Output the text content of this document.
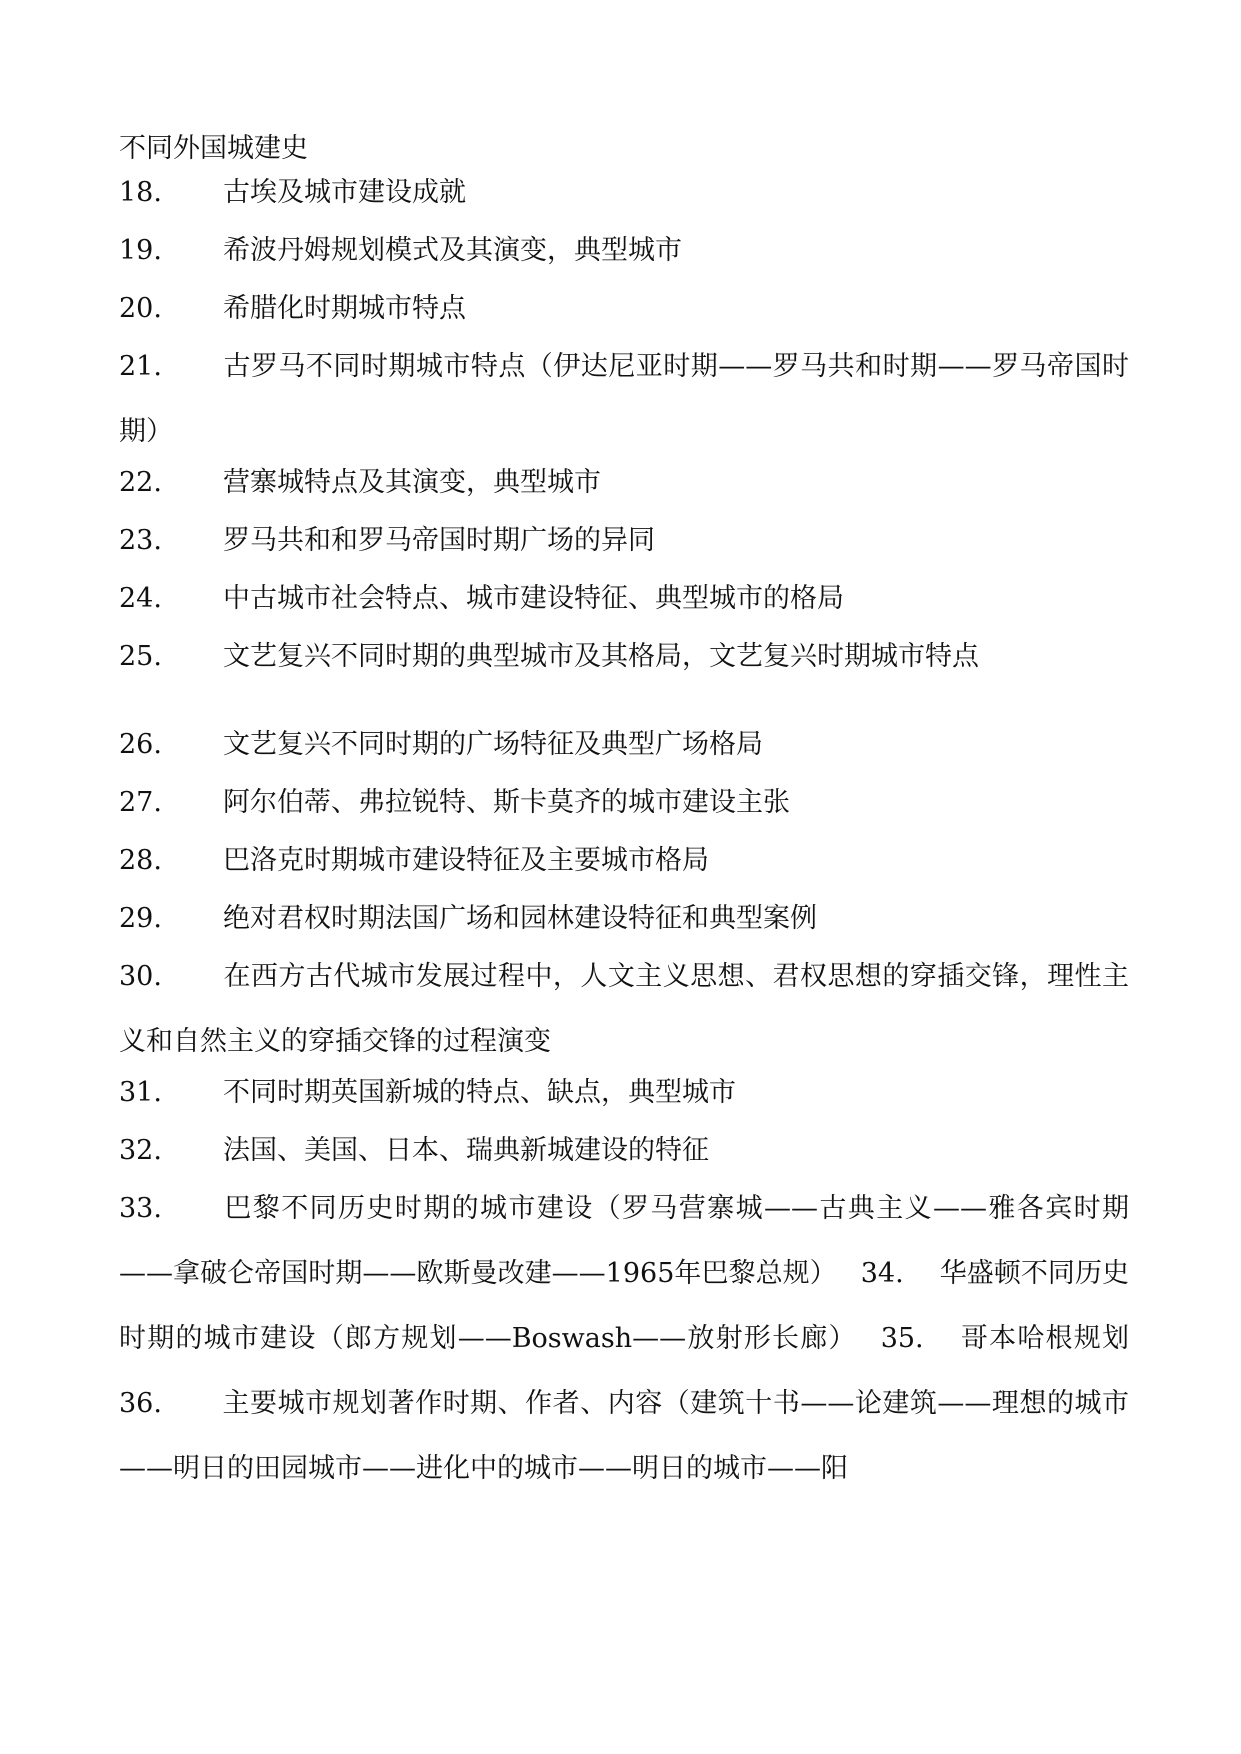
不同外国城建史
18. 古埃及城市建设成就
19. 希波丹姆规划模式及其演变，典型城市
20. 希腊化时期城市特点
21. 古罗马不同时期城市特点（伊达尼亚时期——罗马共和时期——罗马帝国时期）
22. 营寨城特点及其演变，典型城市
23. 罗马共和和罗马帝国时期广场的异同
24. 中古城市社会特点、城市建设特征、典型城市的格局
25. 文艺复兴不同时期的典型城市及其格局，文艺复兴时期城市特点
26. 文艺复兴不同时期的广场特征及典型广场格局
27. 阿尔伯蒂、弗拉锐特、斯卡莫齐的城市建设主张
28. 巴洛克时期城市建设特征及主要城市格局
29. 绝对君权时期法国广场和园林建设特征和典型案例
30. 在西方古代城市发展过程中，人文主义思想、君权思想的穿插交锋，理性主义和自然主义的穿插交锋的过程演变
31. 不同时期英国新城的特点、缺点，典型城市
32. 法国、美国、日本、瑞典新城建设的特征
33. 巴黎不同历史时期的城市建设（罗马营寨城——古典主义——雅各宾时期——拿破仑帝国时期——欧斯曼改建——1965年巴黎总规） 34. 华盛顿不同历史时期的城市建设（郎方规划——Boswash——放射形长廊） 35. 哥本哈根规划36. 主要城市规划著作时期、作者、内容（建筑十书——论建筑——理想的城市——明日的田园城市——进化中的城市——明日的城市——阳
